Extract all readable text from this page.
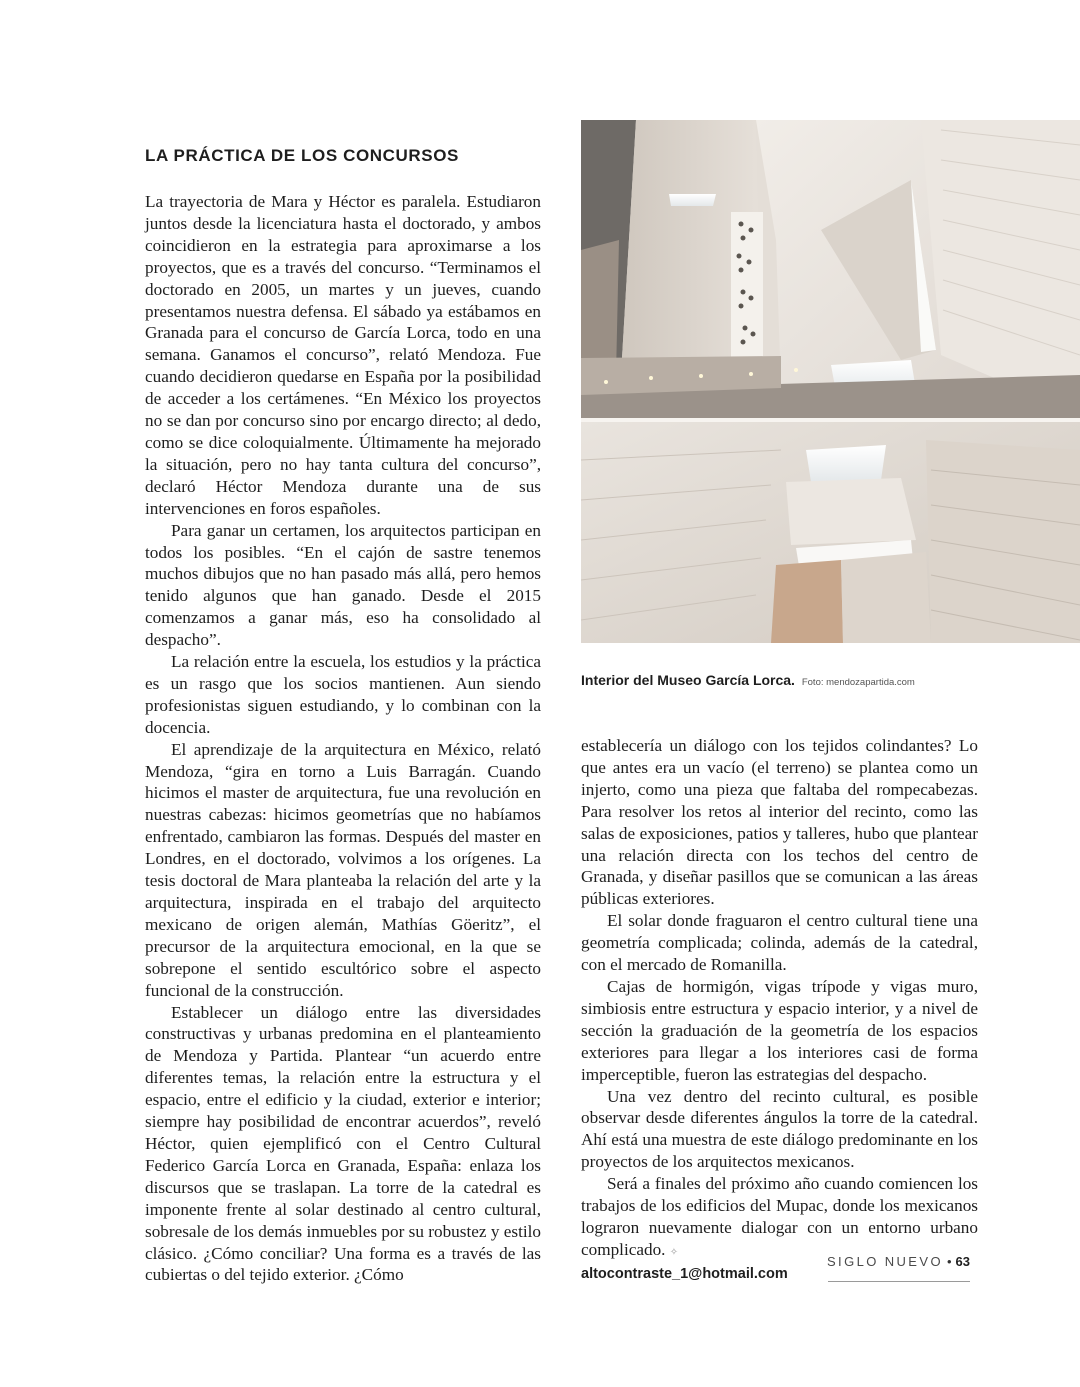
LA PRÁCTICA DE LOS CONCURSOS

La trayectoria de Mara y Héctor es paralela. Estudiaron juntos desde la licenciatura hasta el doctorado, y ambos coincidieron en la estrategia para aproximarse a los proyectos, que es a través del concurso. “Terminamos el doctorado en 2005, un martes y un jueves, cuando presentamos nuestra defensa. El sábado ya estábamos en Granada para el concurso de García Lorca, todo en una semana. Ganamos el concurso”, relató Mendoza. Fue cuando decidieron quedarse en España por la posibilidad de acceder a los certámenes. “En México los proyectos no se dan por concurso sino por encargo directo; al dedo, como se dice coloquialmente. Últimamente ha mejorado la situación, pero no hay tanta cultura del concurso”, declaró Héctor Mendoza durante una de sus intervenciones en foros españoles.

Para ganar un certamen, los arquitectos participan en todos los posibles. “En el cajón de sastre tenemos muchos dibujos que no han pasado más allá, pero hemos tenido algunos que han ganado. Desde el 2015 comenzamos a ganar más, eso ha consolidado al despacho”.

La relación entre la escuela, los estudios y la práctica es un rasgo que los socios mantienen. Aun siendo profesionistas siguen estudiando, y lo combinan con la docencia.

El aprendizaje de la arquitectura en México, relató Mendoza, “gira en torno a Luis Barragán. Cuando hicimos el master de arquitectura, fue una revolución en nuestras cabezas: hicimos geometrías que no habíamos enfrentado, cambiaron las formas. Después del master en Londres, en el doctorado, volvimos a los orígenes. La tesis doctoral de Mara planteaba la relación del arte y la arquitectura, inspirada en el trabajo del arquitecto mexicano de origen alemán, Mathías Göeritz”, el precursor de la arquitectura emocional, en la que se sobrepone el sentido escultórico sobre el aspecto funcional de la construcción.

Establecer un diálogo entre las diversidades constructivas y urbanas predomina en el planteamiento de Mendoza y Partida. Plantear “un acuerdo entre diferentes temas, la relación entre la estructura y el espacio, entre el edificio y la ciudad, exterior e interior; siempre hay posibilidad de encontrar acuerdos”, reveló Héctor, quien ejemplificó con el Centro Cultural Federico García Lorca en Granada, España: enlaza los discursos que se traslapan. La torre de la catedral es imponente frente al solar destinado al centro cultural, sobresale de los demás inmuebles por su robustez y estilo clásico. ¿Cómo conciliar? Una forma es a través de las cubiertas o del tejido exterior. ¿Cómo

Interior del Museo García Lorca. Foto: mendozapartida.com

establecería un diálogo con los tejidos colindantes? Lo que antes era un vacío (el terreno) se plantea como un injerto, como una pieza que faltaba del rompecabezas. Para resolver los retos al interior del recinto, como las salas de exposiciones, patios y talleres, hubo que plantear una relación directa con los techos del centro de Granada, y diseñar pasillos que se comunican a las áreas públicas exteriores.

El solar donde fraguaron el centro cultural tiene una geometría complicada; colinda, además de la catedral, con el mercado de Romanilla.

Cajas de hormigón, vigas trípode y vigas muro, simbiosis entre estructura y espacio interior, y a nivel de sección la graduación de la geometría de los espacios exteriores para llegar a los interiores casi de forma imperceptible, fueron las estrategias del despacho.

Una vez dentro del recinto cultural, es posible observar desde diferentes ángulos la torre de la catedral. Ahí está una muestra de este diálogo predominante en los proyectos de los arquitectos mexicanos.

Será a finales del próximo año cuando comiencen los trabajos de los edificios del Mupac, donde los mexicanos lograron nuevamente dialogar con un entorno urbano complicado. ✧

altocontraste_1@hotmail.com

SIGLO NUEVO • 63
